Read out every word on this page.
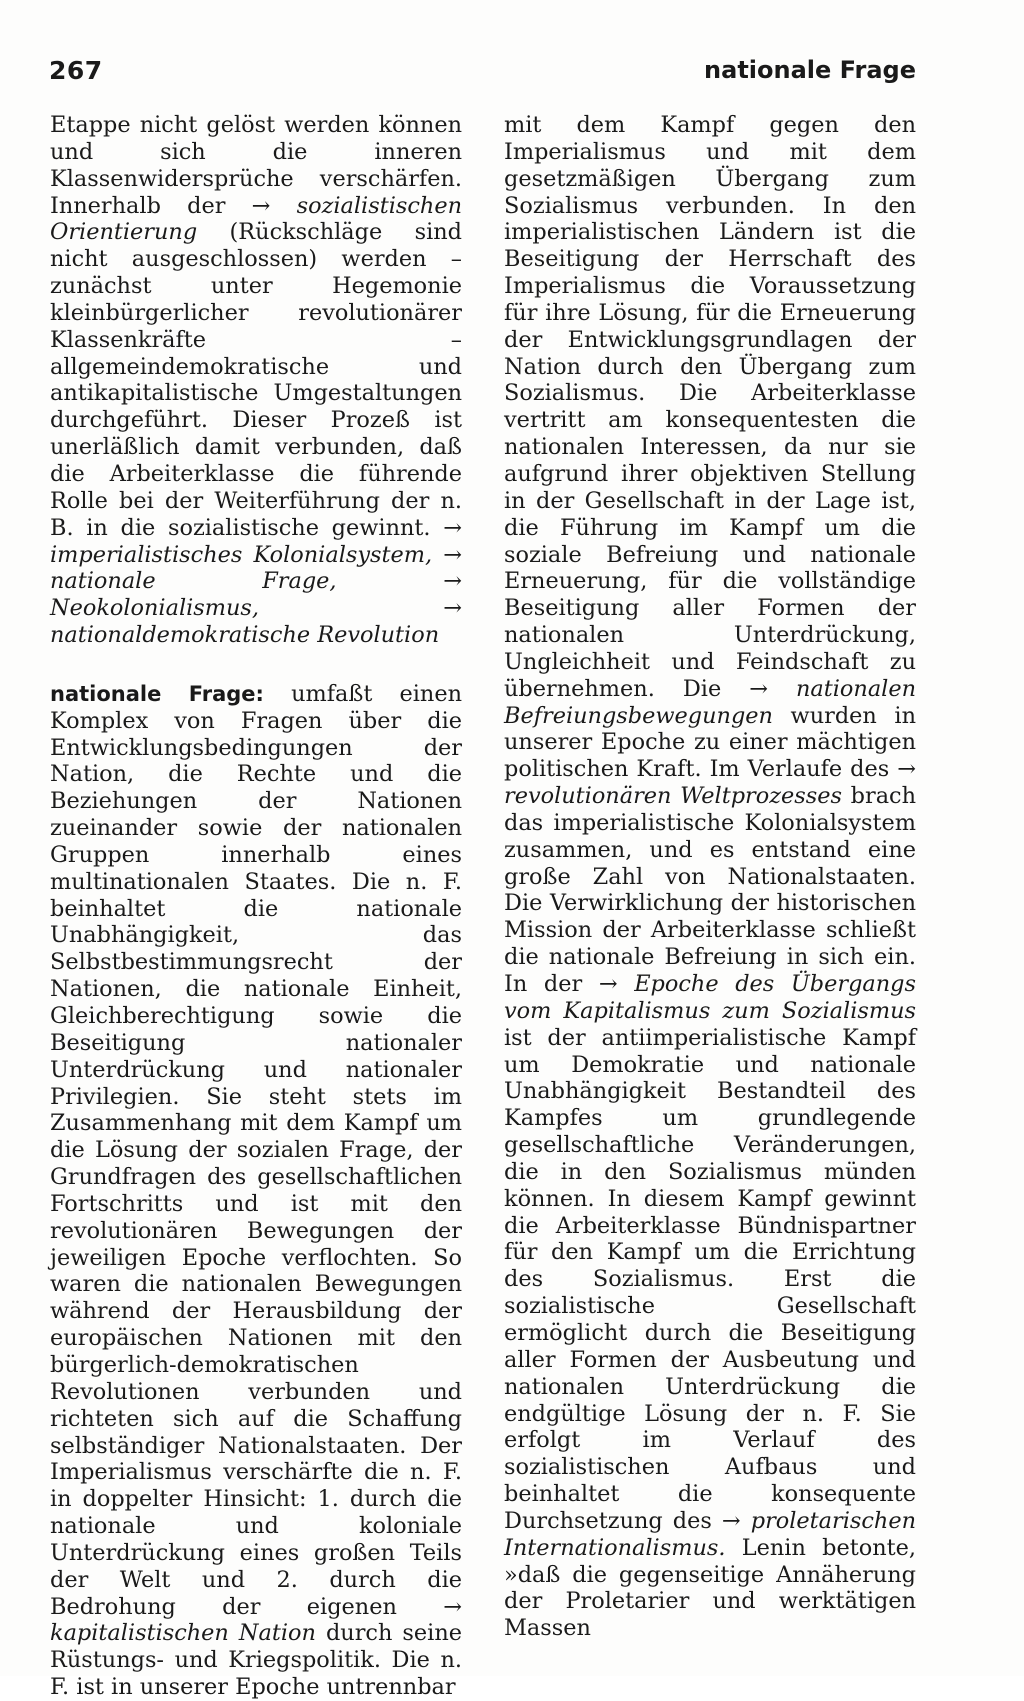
267	nationale Frage

Etappe nicht gelöst werden können und sich die inneren Klassenwidersprüche verschärfen. Innerhalb der → sozialistischen Orientierung (Rückschläge sind nicht ausgeschlossen) werden – zunächst unter Hegemonie kleinbürgerlicher revolutionärer Klassenkräfte – allgemeindemokratische und antikapitalistische Umgestaltungen durchgeführt. Dieser Prozeß ist unerläßlich damit verbunden, daß die Arbeiterklasse die führende Rolle bei der Weiterführung der n. B. in die sozialistische gewinnt. → imperialistisches Kolonialsystem, → nationale Frage, → Neokolonialismus, → nationaldemokratische Revolution

nationale Frage: umfaßt einen Komplex von Fragen über die Entwicklungsbedingungen der Nation, die Rechte und die Beziehungen der Nationen zueinander sowie der nationalen Gruppen innerhalb eines multinationalen Staates. Die n. F. beinhaltet die nationale Unabhängigkeit, das Selbstbestimmungsrecht der Nationen, die nationale Einheit, Gleichberechtigung sowie die Beseitigung nationaler Unterdrückung und nationaler Privilegien. Sie steht stets im Zusammenhang mit dem Kampf um die Lösung der sozialen Frage, der Grundfragen des gesellschaftlichen Fortschritts und ist mit den revolutionären Bewegungen der jeweiligen Epoche verflochten. So waren die nationalen Bewegungen während der Herausbildung der europäischen Nationen mit den bürgerlich-demokratischen Revolutionen verbunden und richteten sich auf die Schaffung selbständiger Nationalstaaten. Der Imperialismus verschärfte die n. F. in doppelter Hinsicht: 1. durch die nationale und koloniale Unterdrückung eines großen Teils der Welt und 2. durch die Bedrohung der eigenen → kapitalistischen Nation durch seine Rüstungs- und Kriegspolitik. Die n. F. ist in unserer Epoche untrennbar

mit dem Kampf gegen den Imperialismus und mit dem gesetzmäßigen Übergang zum Sozialismus verbunden. In den imperialistischen Ländern ist die Beseitigung der Herrschaft des Imperialismus die Voraussetzung für ihre Lösung, für die Erneuerung der Entwicklungsgrundlagen der Nation durch den Übergang zum Sozialismus. Die Arbeiterklasse vertritt am konsequentesten die nationalen Interessen, da nur sie aufgrund ihrer objektiven Stellung in der Gesellschaft in der Lage ist, die Führung im Kampf um die soziale Befreiung und nationale Erneuerung, für die vollständige Beseitigung aller Formen der nationalen Unterdrückung, Ungleichheit und Feindschaft zu übernehmen. Die → nationalen Befreiungsbewegungen wurden in unserer Epoche zu einer mächtigen politischen Kraft. Im Verlaufe des → revolutionären Weltprozesses brach das imperialistische Kolonialsystem zusammen, und es entstand eine große Zahl von Nationalstaaten. Die Verwirklichung der historischen Mission der Arbeiterklasse schließt die nationale Befreiung in sich ein. In der → Epoche des Übergangs vom Kapitalismus zum Sozialismus ist der antiimperialistische Kampf um Demokratie und nationale Unabhängigkeit Bestandteil des Kampfes um grundlegende gesellschaftliche Veränderungen, die in den Sozialismus münden können. In diesem Kampf gewinnt die Arbeiterklasse Bündnispartner für den Kampf um die Errichtung des Sozialismus. Erst die sozialistische Gesellschaft ermöglicht durch die Beseitigung aller Formen der Ausbeutung und nationalen Unterdrückung die endgültige Lösung der n. F. Sie erfolgt im Verlauf des sozialistischen Aufbaus und beinhaltet die konsequente Durchsetzung des → proletarischen Internationalismus. Lenin betonte, »daß die gegenseitige Annäherung der Proletarier und werktätigen Massen
